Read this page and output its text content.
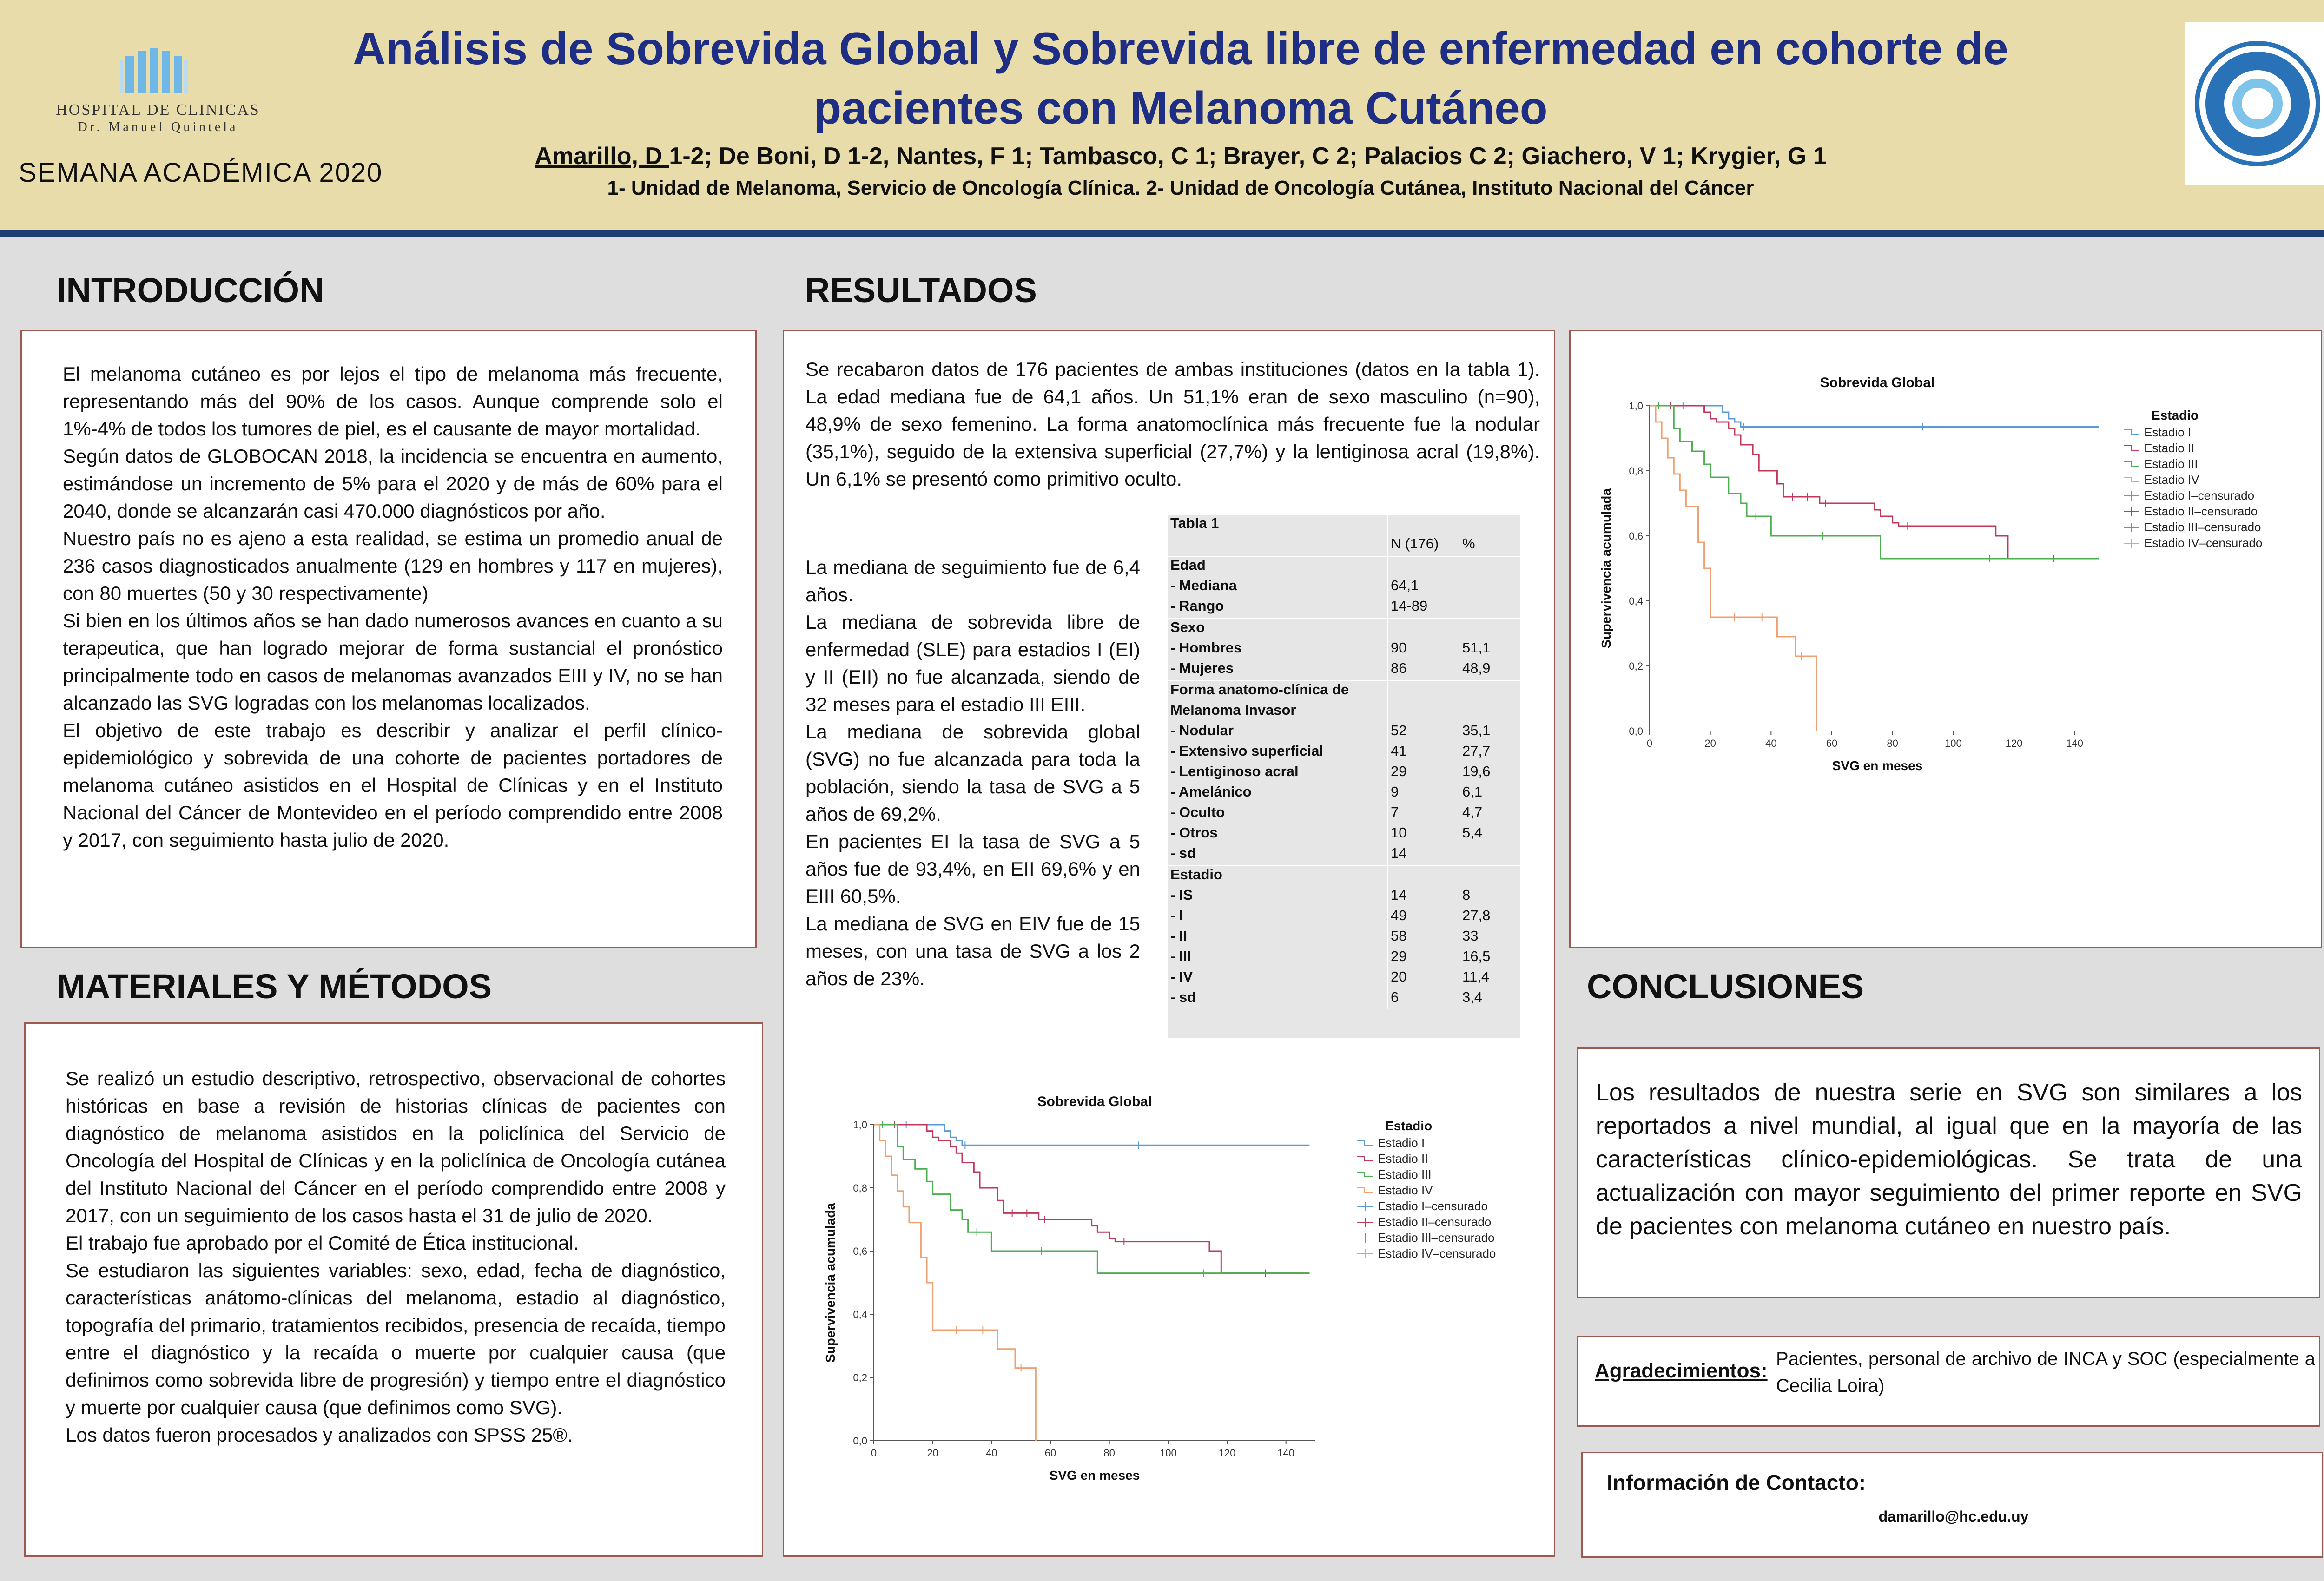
HOSPITAL DE CLINICAS
Dr. Manuel Quintela
SEMANA ACADÉMICA 2020
Análisis de Sobrevida Global y Sobrevida libre de enfermedad en cohorte de pacientes con Melanoma Cutáneo
Amarillo, D 1-2; De Boni, D 1-2, Nantes, F 1; Tambasco, C 1; Brayer, C 2; Palacios C 2; Giachero, V 1; Krygier, G 1
1- Unidad de Melanoma, Servicio de Oncología Clínica. 2- Unidad de Oncología Cutánea, Instituto Nacional del Cáncer
INTRODUCCIÓN

El melanoma cutáneo es por lejos el tipo de melanoma más frecuente, representando más del 90% de los casos. Aunque comprende solo el 1%-4% de todos los tumores de piel, es el causante de mayor mortalidad.

Según datos de GLOBOCAN 2018, la incidencia se encuentra en aumento, estimándose un incremento de 5% para el 2020 y de más de 60% para el 2040, donde se alcanzarán casi 470.000 diagnósticos por año.

Nuestro país no es ajeno a esta realidad, se estima un promedio anual de 236 casos diagnosticados anualmente (129 en hombres y 117 en mujeres), con 80 muertes (50 y 30 respectivamente)

Si bien en los últimos años se han dado numerosos avances en cuanto a su terapeutica, que han logrado mejorar de forma sustancial el pronóstico principalmente todo en casos de melanomas avanzados EIII y IV, no se han alcanzado las SVG logradas con los melanomas localizados.

El objetivo de este trabajo es describir y analizar el perfil clínico-epidemiológico y sobrevida de una cohorte de pacientes portadores de melanoma cutáneo asistidos en el Hospital de Clínicas y en el Instituto Nacional del Cáncer de Montevideo en el período comprendido entre 2008 y 2017, con seguimiento hasta julio de 2020.

MATERIALES Y MÉTODOS

Se realizó un estudio descriptivo, retrospectivo, observacional de cohortes históricas en base a revisión de historias clínicas de pacientes con diagnóstico de melanoma asistidos en la policlínica del Servicio de Oncología del Hospital de Clínicas y en la policlínica de Oncología cutánea del Instituto Nacional del Cáncer en el período comprendido entre 2008 y 2017, con un seguimiento de los casos hasta el 31 de julio de 2020.

El trabajo fue aprobado por el Comité de Ética institucional.

Se estudiaron las siguientes variables: sexo, edad, fecha de diagnóstico, características anátomo-clínicas del melanoma, estadio al diagnóstico, topografía del primario, tratamientos recibidos, presencia de recaída, tiempo entre el diagnóstico y la recaída o muerte por cualquier causa (que definimos como sobrevida libre de progresión) y tiempo entre el diagnóstico y muerte por cualquier causa (que definimos como SVG).

Los datos fueron procesados y analizados con SPSS 25®.

RESULTADOS
Se recabaron datos de 176 pacientes de ambas instituciones (datos en la tabla 1). La edad mediana fue de 64,1 años. Un 51,1% eran de sexo masculino (n=90), 48,9% de sexo femenino. La forma anatomoclínica más frecuente fue la nodular (35,1%), seguido de la extensiva superficial (27,7%) y la lentiginosa acral (19,8%). Un 6,1% se presentó como primitivo oculto.

La mediana de seguimiento fue de 6,4 años.

La mediana de sobrevida libre de enfermedad (SLE) para estadios I (EI) y II (EII) no fue alcanzada, siendo de 32 meses para el estadio III EIII.

La mediana de sobrevida global (SVG) no fue alcanzada para toda la población, siendo la tasa de SVG a 5 años de 69,2%.

En pacientes EI la tasa de SVG a 5 años fue de 93,4%, en EII 69,6% y en EIII 60,5%.

La mediana de SVG en EIV fue de 15 meses, con una tasa de SVG a los 2 años de 23%.

Tabla 1		
	N (176)	%
Edad		
- Mediana	64,1	
- Rango	14-89	
Sexo		
- Hombres	90	51,1
- Mujeres	86	48,9
Forma anatomo-clínica de		
Melanoma Invasor		
- Nodular	52	35,1
- Extensivo superficial	41	27,7
- Lentiginoso acral	29	19,6
- Amelánico	9	6,1
- Oculto	7	4,7
- Otros	10	5,4
- sd	14	
Estadio		
- IS	14	8
- I	49	27,8
- II	58	33
- III	29	16,5
- IV	20	11,4
- sd	6	3,4
Sobrevida Global
0,0
0,2
0,4
0,6
0,8
1,0
0	20	40	60	80	100	120	140
SVG en meses
Supervivencia acumulada
Estadio
Estadio I
Estadio II
Estadio III
Estadio IV
Estadio I–censurado
Estadio II–censurado
Estadio III–censurado
Estadio IV–censurado
Sobrevida Global
0,0
0,2
0,4
0,6
0,8
1,0
0	20	40	60	80	100	120	140
SVG en meses
Supervivencia acumulada
Estadio
Estadio I
Estadio II
Estadio III
Estadio IV
Estadio I–censurado
Estadio II–censurado
Estadio III–censurado
Estadio IV–censurado
CONCLUSIONES
Los resultados de nuestra serie en SVG son similares a los reportados a nivel mundial, al igual que en la mayoría de las características clínico-epidemiológicas. Se trata de una actualización con mayor seguimiento del primer reporte en SVG de pacientes con melanoma cutáneo en nuestro país.
Agradecimientos:
Pacientes, personal de archivo de INCA y SOC (especialmente a Cecilia Loira)
Información de Contacto:
damarillo@hc.edu.uy
